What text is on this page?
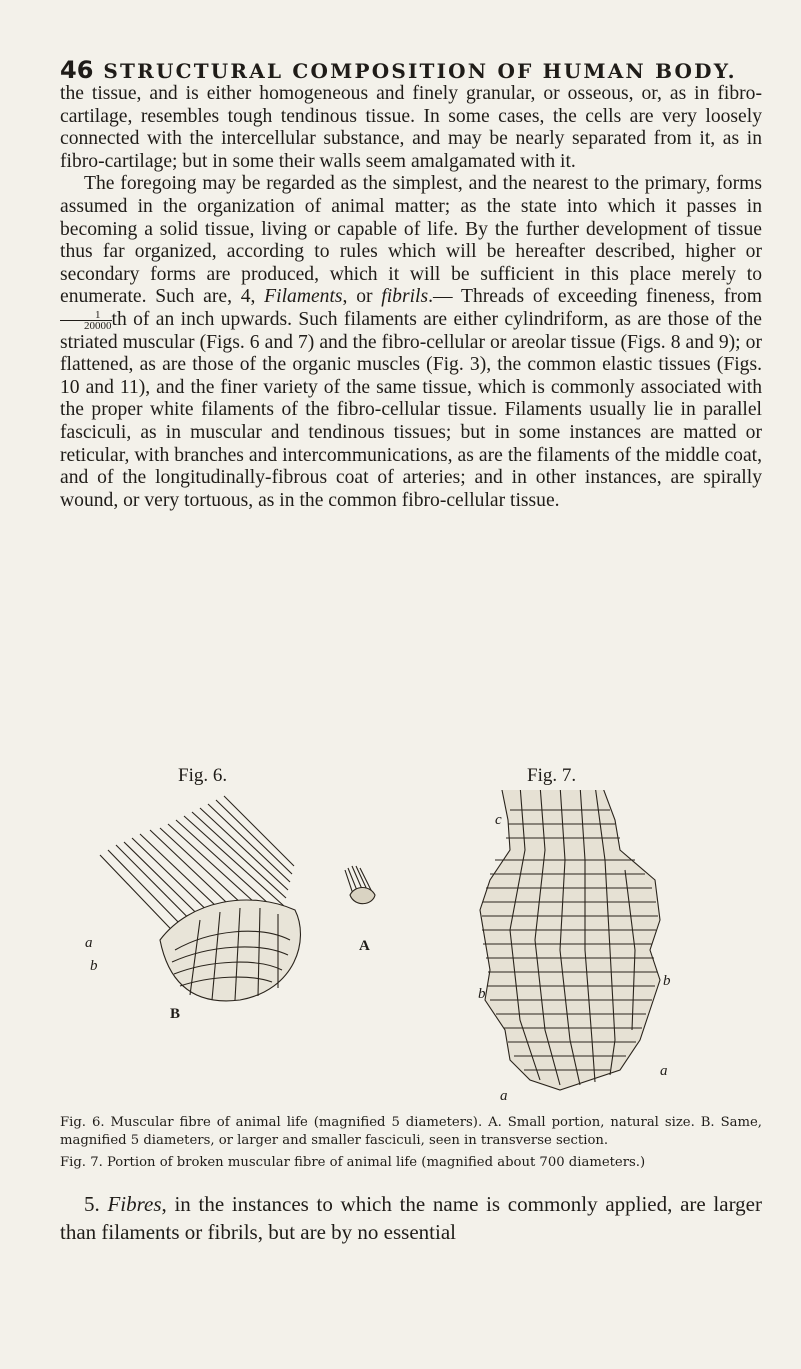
46 STRUCTURAL COMPOSITION OF HUMAN BODY.

the tissue, and is either homogeneous and finely granular, or osseous, or, as in fibro-cartilage, resembles tough tendinous tissue. In some cases, the cells are very loosely connected with the intercellular substance, and may be nearly separated from it, as in fibro-cartilage; but in some their walls seem amalgamated with it.

The foregoing may be regarded as the simplest, and the nearest to the primary, forms assumed in the organization of animal matter; as the state into which it passes in becoming a solid tissue, living or capable of life. By the further development of tissue thus far organized, according to rules which will be hereafter described, higher or secondary forms are produced, which it will be sufficient in this place merely to enumerate. Such are, 4, Filaments, or fibrils.— Threads of exceeding fineness, from
$\frac{1}{20000}$ th of an inch upwards. Such filaments are either cylindriform, as are those of the striated muscular (Figs. 6 and 7) and the fibro-cellular or areolar tissue (Figs. 8 and 9); or flattened, as are those of the organic muscles (Fig. 3), the common elastic tissues (Figs. 10 and 11), and the finer variety of the same tissue, which is commonly associated with the proper white filaments of the fibro-cellular tissue. Filaments usually lie in parallel fasciculi, as in muscular and tendinous tissues; but in some instances are matted or reticular, with branches and intercommunications, as are the filaments of the middle coat, and of the longitudinally-fibrous coat of arteries; and in other instances, are spirally wound, or very tortuous, as in the common fibro-cellular tissue.

Fig. 6.	Fig. 7.
a
b
A
B
c
b
b
a
a

Fig. 6. Muscular fibre of animal life (magnified 5 diameters). A. Small portion, natural size. B. Same, magnified 5 diameters, or larger and smaller fasciculi, seen in transverse section.

Fig. 7. Portion of broken muscular fibre of animal life (magnified about 700 diameters.)

5. Fibres, in the instances to which the name is commonly applied, are larger than filaments or fibrils, but are by no essential
